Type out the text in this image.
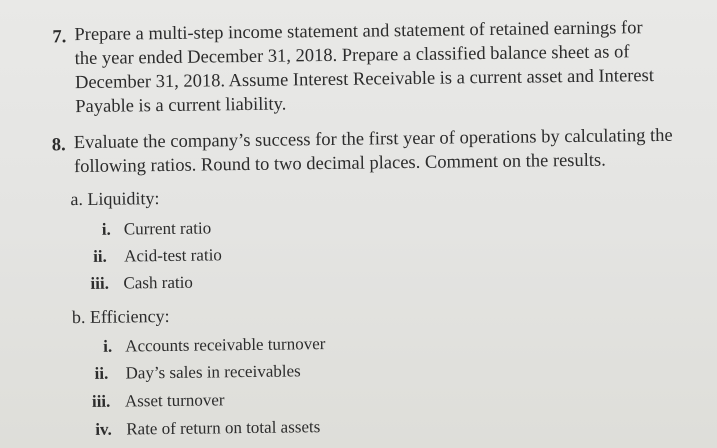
7. Prepare a multi-step income statement and statement of retained earnings for
the year ended December 31, 2018. Prepare a classified balance sheet as of
December 31, 2018. Assume Interest Receivable is a current asset and Interest
Payable is a current liability.
8. Evaluate the company’s success for the first year of operations by calculating the
following ratios. Round to two decimal places. Comment on the results.
a. Liquidity:
i. Current ratio
ii. Acid-test ratio
iii. Cash ratio
b. Efficiency:
i. Accounts receivable turnover
ii. Day’s sales in receivables
iii. Asset turnover
iv. Rate of return on total assets
